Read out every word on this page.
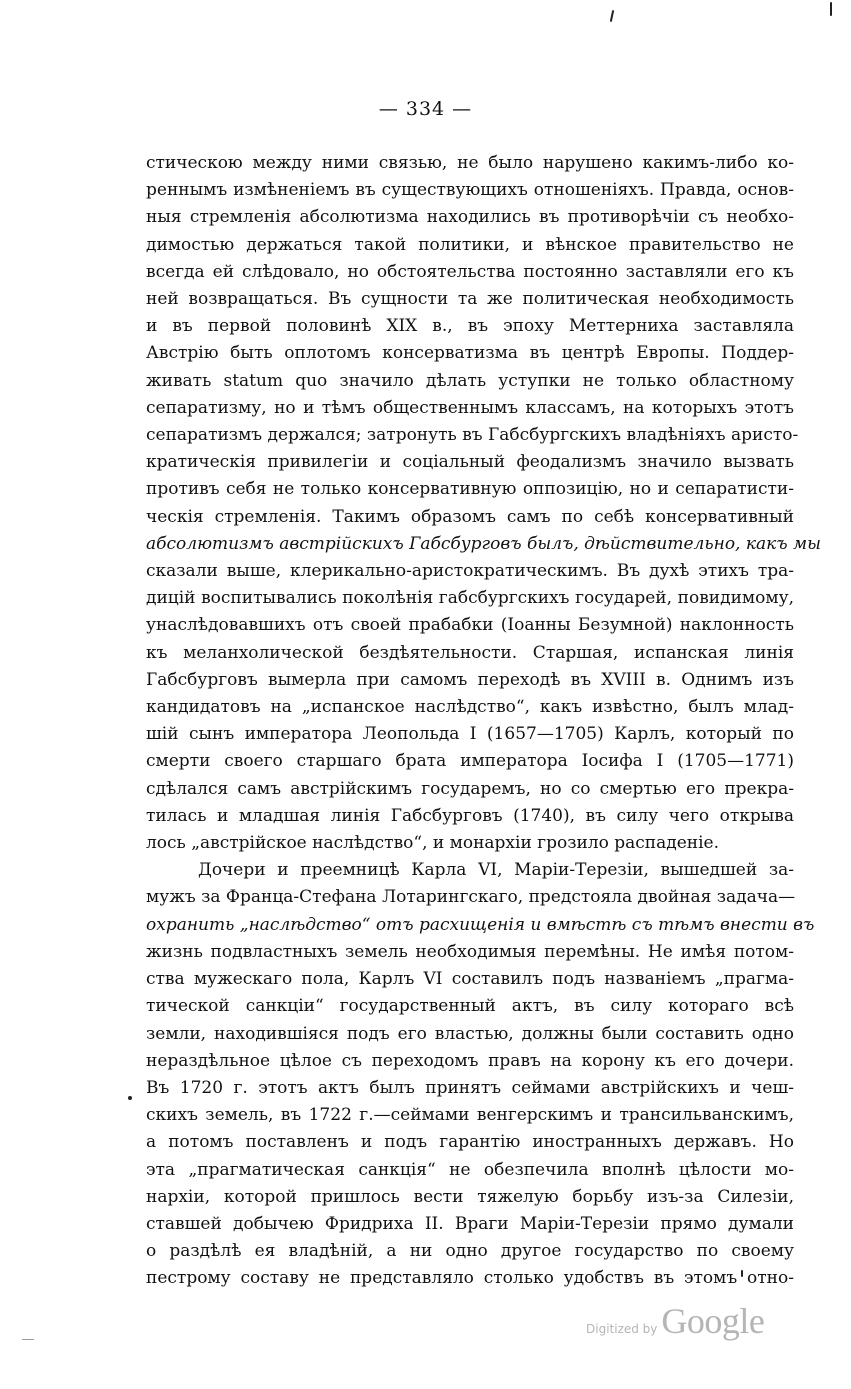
— 334 —
стическою между ними связью, не было нарушено какимъ-либо ко-
реннымъ измѣненіемъ въ существующихъ отношеніяхъ. Правда, основ-
ныя стремленія абсолютизма находились въ противорѣчіи съ необхо-
димостью держаться такой политики, и вѣнское правительство не
всегда ей слѣдовало, но обстоятельства постоянно заставляли его къ
ней возвращаться. Въ сущности та же политическая необходимость
и въ первой половинѣ XIX в., въ эпоху Меттерниха заставляла
Австрію быть оплотомъ консерватизма въ центрѣ Европы. Поддер-
живать statum quo значило дѣлать уступки не только областному
сепаратизму, но и тѣмъ общественнымъ классамъ, на которыхъ этотъ
сепаратизмъ держался; затронуть въ Габсбургскихъ владѣніяхъ аристо-
кратическія привилегіи и соціальный феодализмъ значило вызвать
противъ себя не только консервативную оппозицію, но и сепаратисти-
ческія стремленія. Такимъ образомъ самъ по себѣ консервативный
абсолютизмъ австрійскихъ Габсбурговъ былъ, дѣйствительно, какъ мы
сказали выше, клерикально-аристократическимъ. Въ духѣ этихъ тра-
дицій воспитывались поколѣнія габсбургскихъ государей, повидимому,
унаслѣдовавшихъ отъ своей прабабки (Іоанны Безумной) наклонность
къ меланхолической бездѣятельности. Старшая, испанская линія
Габсбурговъ вымерла при самомъ переходѣ въ XVIII в. Однимъ изъ
кандидатовъ на „испанское наслѣдство“, какъ извѣстно, былъ млад-
шій сынъ императора Леопольда I (1657—1705) Карлъ, который по
смерти своего старшаго брата императора Іосифа I (1705—1771)
сдѣлался самъ австрійскимъ государемъ, но со смертью его прекра-
тилась и младшая линія Габсбурговъ (1740), въ силу чего открыва
лось „австрійское наслѣдство“, и монархіи грозило распаденіе.
Дочери и преемницѣ Карла VI, Маріи-Терезіи, вышедшей за-
мужъ за Франца-Стефана Лотарингскаго, предстояла двойная задача—
охранить „наслѣдство“ отъ расхищенія и вмѣстѣ съ тѣмъ внести въ
жизнь подвластныхъ земель необходимыя перемѣны. Не имѣя потом-
ства мужескаго пола, Карлъ VI составилъ подъ названіемъ „прагма-
тической санкціи“ государственный актъ, въ силу котораго всѣ
земли, находившіяся подъ его властью, должны были составить одно
нераздѣльное цѣлое съ переходомъ правъ на корону къ его дочери.
Въ 1720 г. этотъ актъ былъ принятъ сеймами австрійскихъ и чеш-
скихъ земель, въ 1722 г.—сеймами венгерскимъ и трансильванскимъ,
а потомъ поставленъ и подъ гарантію иностранныхъ державъ. Но
эта „прагматическая санкція“ не обезпечила вполнѣ цѣлости мо-
нархіи, которой пришлось вести тяжелую борьбу изъ-за Силезіи,
ставшей добычею Фридриха II. Враги Маріи-Терезіи прямо думали
о раздѣлѣ ея владѣній, а ни одно другое государство по своему
пестрому составу не представляло столько удобствъ въ этомъ отно-
Digitized by Google
